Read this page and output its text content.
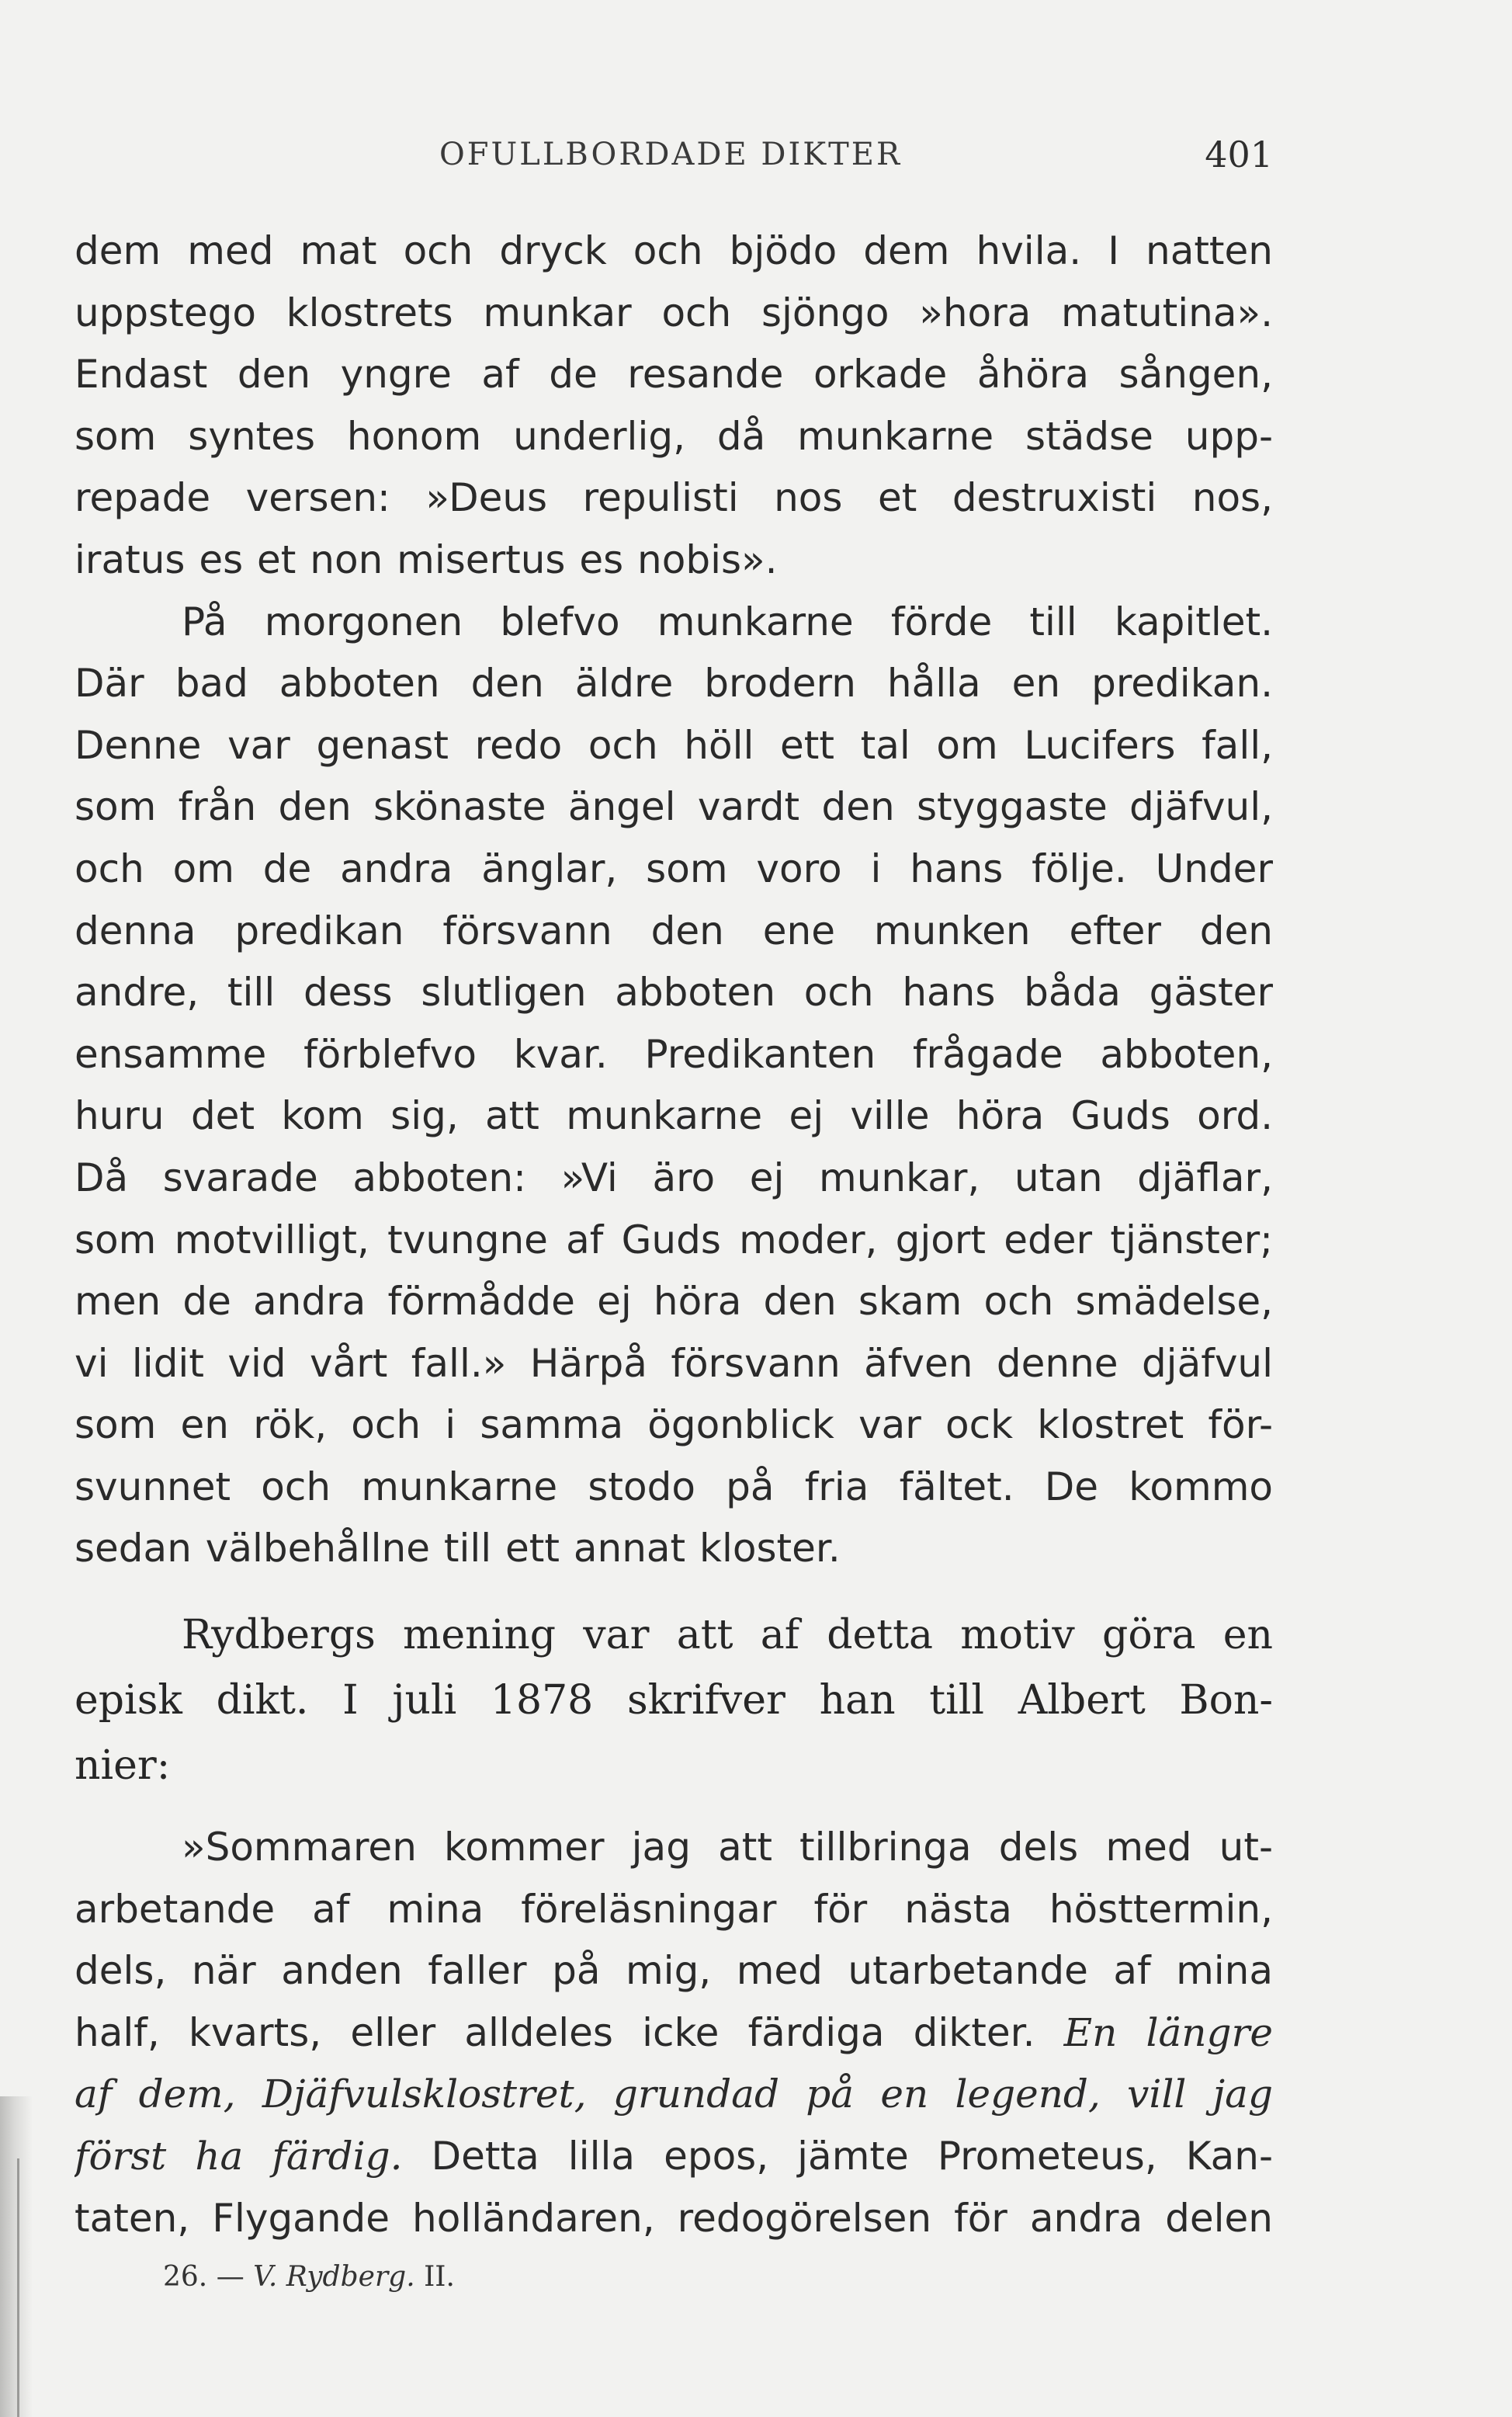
OFULLBORDADE DIKTER	401
dem med mat och dryck och bjödo dem hvila. I natten
uppstego klostrets munkar och sjöngo »hora matutina».
Endast den yngre af de resande orkade åhöra sången,
som syntes honom underlig, då munkarne städse upp-
repade versen: »Deus repulisti nos et destruxisti nos,
iratus es et non misertus es nobis».
På morgonen blefvo munkarne förde till kapitlet.
Där bad abboten den äldre brodern hålla en predikan.
Denne var genast redo och höll ett tal om Lucifers fall,
som från den skönaste ängel vardt den styggaste djäfvul,
och om de andra änglar, som voro i hans följe. Under
denna predikan försvann den ene munken efter den
andre, till dess slutligen abboten och hans båda gäster
ensamme förblefvo kvar. Predikanten frågade abboten,
huru det kom sig, att munkarne ej ville höra Guds ord.
Då svarade abboten: »Vi äro ej munkar, utan djäflar,
som motvilligt, tvungne af Guds moder, gjort eder tjänster;
men de andra förmådde ej höra den skam och smädelse,
vi lidit vid vårt fall.» Härpå försvann äfven denne djäfvul
som en rök, och i samma ögonblick var ock klostret för-
svunnet och munkarne stodo på fria fältet. De kommo
sedan välbehållne till ett annat kloster.
Rydbergs mening var att af detta motiv göra en
episk dikt. I juli 1878 skrifver han till Albert Bon-
nier:
»Sommaren kommer jag att tillbringa dels med ut-
arbetande af mina föreläsningar för nästa hösttermin,
dels, när anden faller på mig, med utarbetande af mina
half, kvarts, eller alldeles icke färdiga dikter. En längre
af dem, Djäfvulsklostret, grundad på en legend, vill jag
först ha färdig. Detta lilla epos, jämte Prometeus, Kan-
taten, Flygande holländaren, redogörelsen för andra delen
26. — V. Rydberg. II.
